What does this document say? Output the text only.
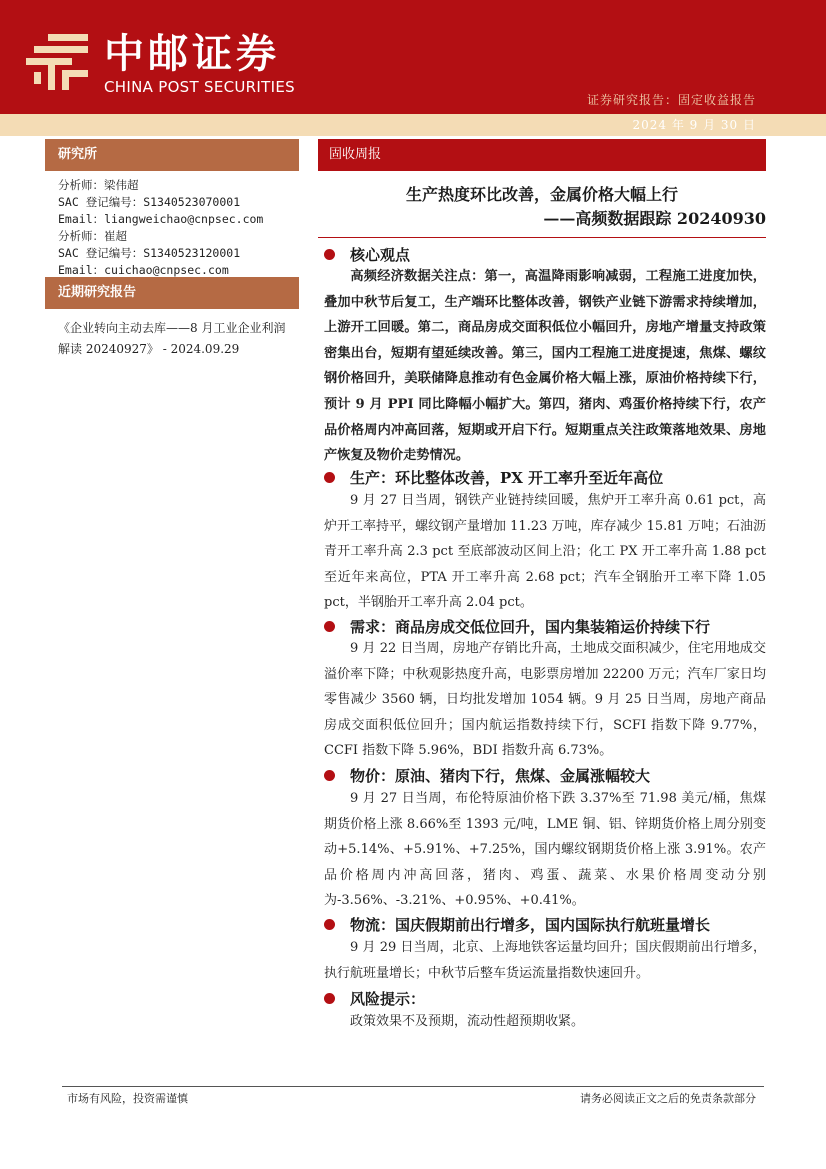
中邮证券
CHINA POST SECURITIES
证券研究报告：固定收益报告
2024 年 9 月 30 日
研究所
分析师：梁伟超
SAC 登记编号：S1340523070001
Email：liangweichao@cnpsec.com
分析师：崔超
SAC 登记编号：S1340523120001
Email：cuichao@cnpsec.com
近期研究报告
《企业转向主动去库——8 月工业企业利润解读 20240927》 - 2024.09.29
固收周报
生产热度环比改善，金属价格大幅上行
——高频数据跟踪 20240930
核心观点
高频经济数据关注点：第一，高温降雨影响减弱，工程施工进度加快，叠加中秋节后复工，生产端环比整体改善，钢铁产业链下游需求持续增加，上游开工回暖。第二，商品房成交面积低位小幅回升，房地产增量支持政策密集出台，短期有望延续改善。第三，国内工程施工进度提速，焦煤、螺纹钢价格回升，美联储降息推动有色金属价格大幅上涨，原油价格持续下行，预计 9 月 PPI 同比降幅小幅扩大。第四，猪肉、鸡蛋价格持续下行，农产品价格周内冲高回落，短期或开启下行。短期重点关注政策落地效果、房地产恢复及物价走势情况。
生产：环比整体改善，PX 开工率升至近年高位
9 月 27 日当周，钢铁产业链持续回暖，焦炉开工率升高 0.61 pct，高炉开工率持平，螺纹钢产量增加 11.23 万吨，库存减少 15.81 万吨；石油沥青开工率升高 2.3 pct 至底部波动区间上沿；化工 PX 开工率升高 1.88 pct 至近年来高位，PTA 开工率升高 2.68 pct；汽车全钢胎开工率下降 1.05 pct，半钢胎开工率升高 2.04 pct。
需求：商品房成交低位回升，国内集装箱运价持续下行
9 月 22 日当周，房地产存销比升高，土地成交面积减少，住宅用地成交溢价率下降；中秋观影热度升高，电影票房增加 22200 万元；汽车厂家日均零售减少 3560 辆，日均批发增加 1054 辆。9 月 25 日当周，房地产商品房成交面积低位回升；国内航运指数持续下行，SCFI 指数下降 9.77%，CCFI 指数下降 5.96%，BDI 指数升高 6.73%。
物价：原油、猪肉下行，焦煤、金属涨幅较大
9 月 27 日当周，布伦特原油价格下跌 3.37%至 71.98 美元/桶，焦煤期货价格上涨 8.66%至 1393 元/吨，LME 铜、铝、锌期货价格上周分别变动+5.14%、+5.91%、+7.25%，国内螺纹钢期货价格上涨 3.91%。农产品价格周内冲高回落，猪肉、鸡蛋、蔬菜、水果价格周变动分别为-3.56%、-3.21%、+0.95%、+0.41%。
物流：国庆假期前出行增多，国内国际执行航班量增长
9 月 29 日当周，北京、上海地铁客运量均回升；国庆假期前出行增多，执行航班量增长；中秋节后整车货运流量指数快速回升。
风险提示：
政策效果不及预期，流动性超预期收紧。
市场有风险，投资需谨慎	请务必阅读正文之后的免责条款部分
